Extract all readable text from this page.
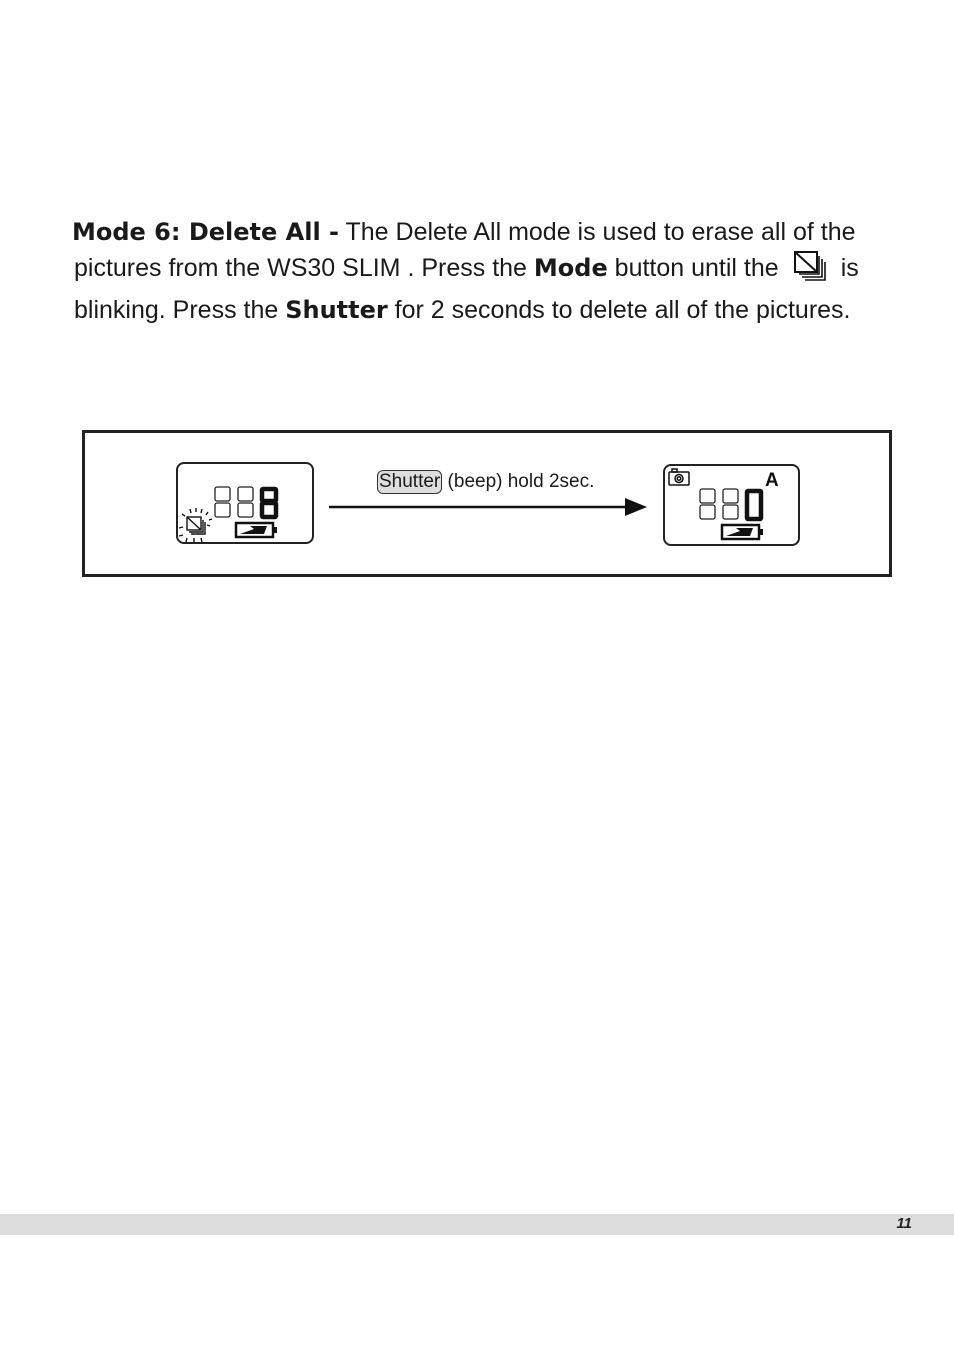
Mode 6: Delete All - The Delete All mode is used to erase all of the
pictures from the WS30 SLIM . Press the Mode button until the is
blinking. Press the Shutter for 2 seconds to delete all of the pictures.

Shutter (beep) hold 2sec.	A
11
